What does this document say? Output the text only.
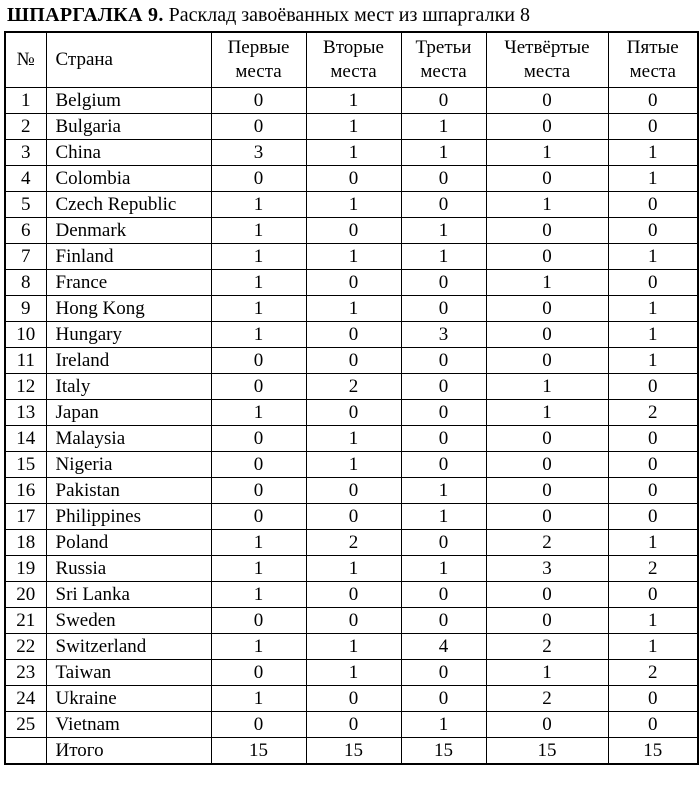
ШПАРГАЛКА 9. Расклад завоёванных мест из шпаргалки 8
№	Страна	Первые места	Вторые места	Третьи места	Четвёртые места	Пятые места
1	Belgium	0	1	0	0	0
2	Bulgaria	0	1	1	0	0
3	China	3	1	1	1	1
4	Colombia	0	0	0	0	1
5	Czech Republic	1	1	0	1	0
6	Denmark	1	0	1	0	0
7	Finland	1	1	1	0	1
8	France	1	0	0	1	0
9	Hong Kong	1	1	0	0	1
10	Hungary	1	0	3	0	1
11	Ireland	0	0	0	0	1
12	Italy	0	2	0	1	0
13	Japan	1	0	0	1	2
14	Malaysia	0	1	0	0	0
15	Nigeria	0	1	0	0	0
16	Pakistan	0	0	1	0	0
17	Philippines	0	0	1	0	0
18	Poland	1	2	0	2	1
19	Russia	1	1	1	3	2
20	Sri Lanka	1	0	0	0	0
21	Sweden	0	0	0	0	1
22	Switzerland	1	1	4	2	1
23	Taiwan	0	1	0	1	2
24	Ukraine	1	0	0	2	0
25	Vietnam	0	0	1	0	0
	Итого	15	15	15	15	15
